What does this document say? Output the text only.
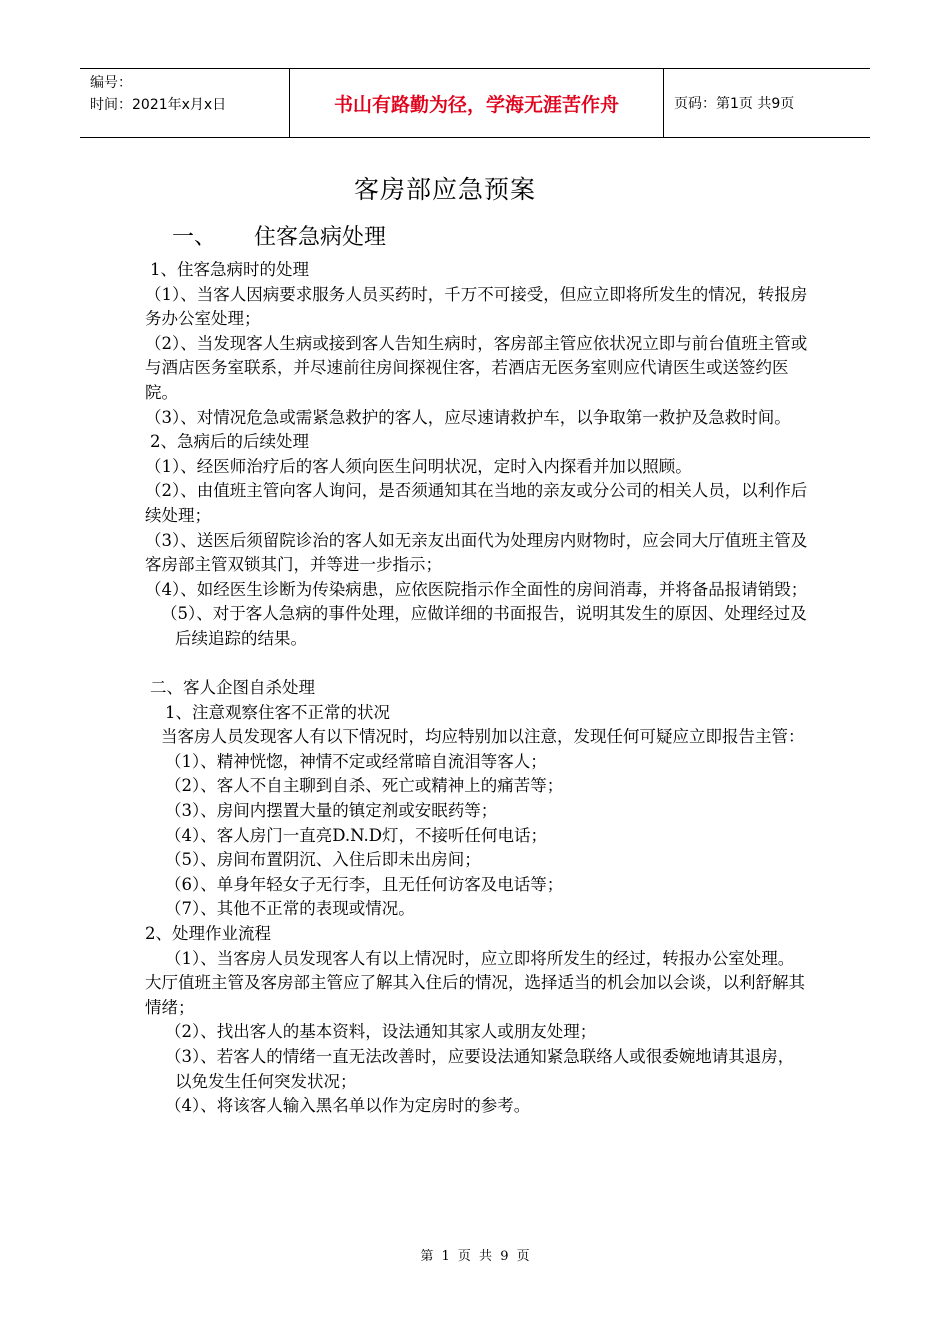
编号：
时间：2021年x月x日	书山有路勤为径，学海无涯苦作舟	页码：第1页 共9页
客房部应急预案
一、 住客急病处理

1、住客急病时的处理

（1）、当客人因病要求服务人员买药时，千万不可接受，但应立即将所发生的情况，转报房务办公室处理；

（2）、当发现客人生病或接到客人告知生病时，客房部主管应依状况立即与前台值班主管或与酒店医务室联系，并尽速前往房间探视住客，若酒店无医务室则应代请医生或送签约医院。

（3）、对情况危急或需紧急救护的客人，应尽速请救护车，以争取第一救护及急救时间。

2、急病后的后续处理

（1）、经医师治疗后的客人须向医生问明状况，定时入内探看并加以照顾。

（2）、由值班主管向客人询问，是否须通知其在当地的亲友或分公司的相关人员，以利作后续处理；

（3）、送医后须留院诊治的客人如无亲友出面代为处理房内财物时，应会同大厅值班主管及客房部主管双锁其门，并等进一步指示；

（4）、如经医生诊断为传染病患，应依医院指示作全面性的房间消毒，并将备品报请销毁；

（5）、对于客人急病的事件处理，应做详细的书面报告，说明其发生的原因、处理经过及后续追踪的结果。

二、客人企图自杀处理

1、注意观察住客不正常的状况

当客房人员发现客人有以下情况时，均应特别加以注意，发现任何可疑应立即报告主管：

（1）、精神恍惚，神情不定或经常暗自流泪等客人；

（2）、客人不自主聊到自杀、死亡或精神上的痛苦等；

（3）、房间内摆置大量的镇定剂或安眠药等；

（4）、客人房门一直亮D.N.D灯，不接听任何电话；

（5）、房间布置阴沉、入住后即未出房间；

（6）、单身年轻女子无行李，且无任何访客及电话等；

（7）、其他不正常的表现或情况。

2、处理作业流程

（1）、当客房人员发现客人有以上情况时，应立即将所发生的经过，转报办公室处理。大厅值班主管及客房部主管应了解其入住后的情况，选择适当的机会加以会谈，以利舒解其情绪；

（2）、找出客人的基本资料，设法通知其家人或朋友处理；

（3）、若客人的情绪一直无法改善时，应要设法通知紧急联络人或很委婉地请其退房，以免发生任何突发状况；

（4）、将该客人输入黑名单以作为定房时的参考。

第 1 页 共 9 页
